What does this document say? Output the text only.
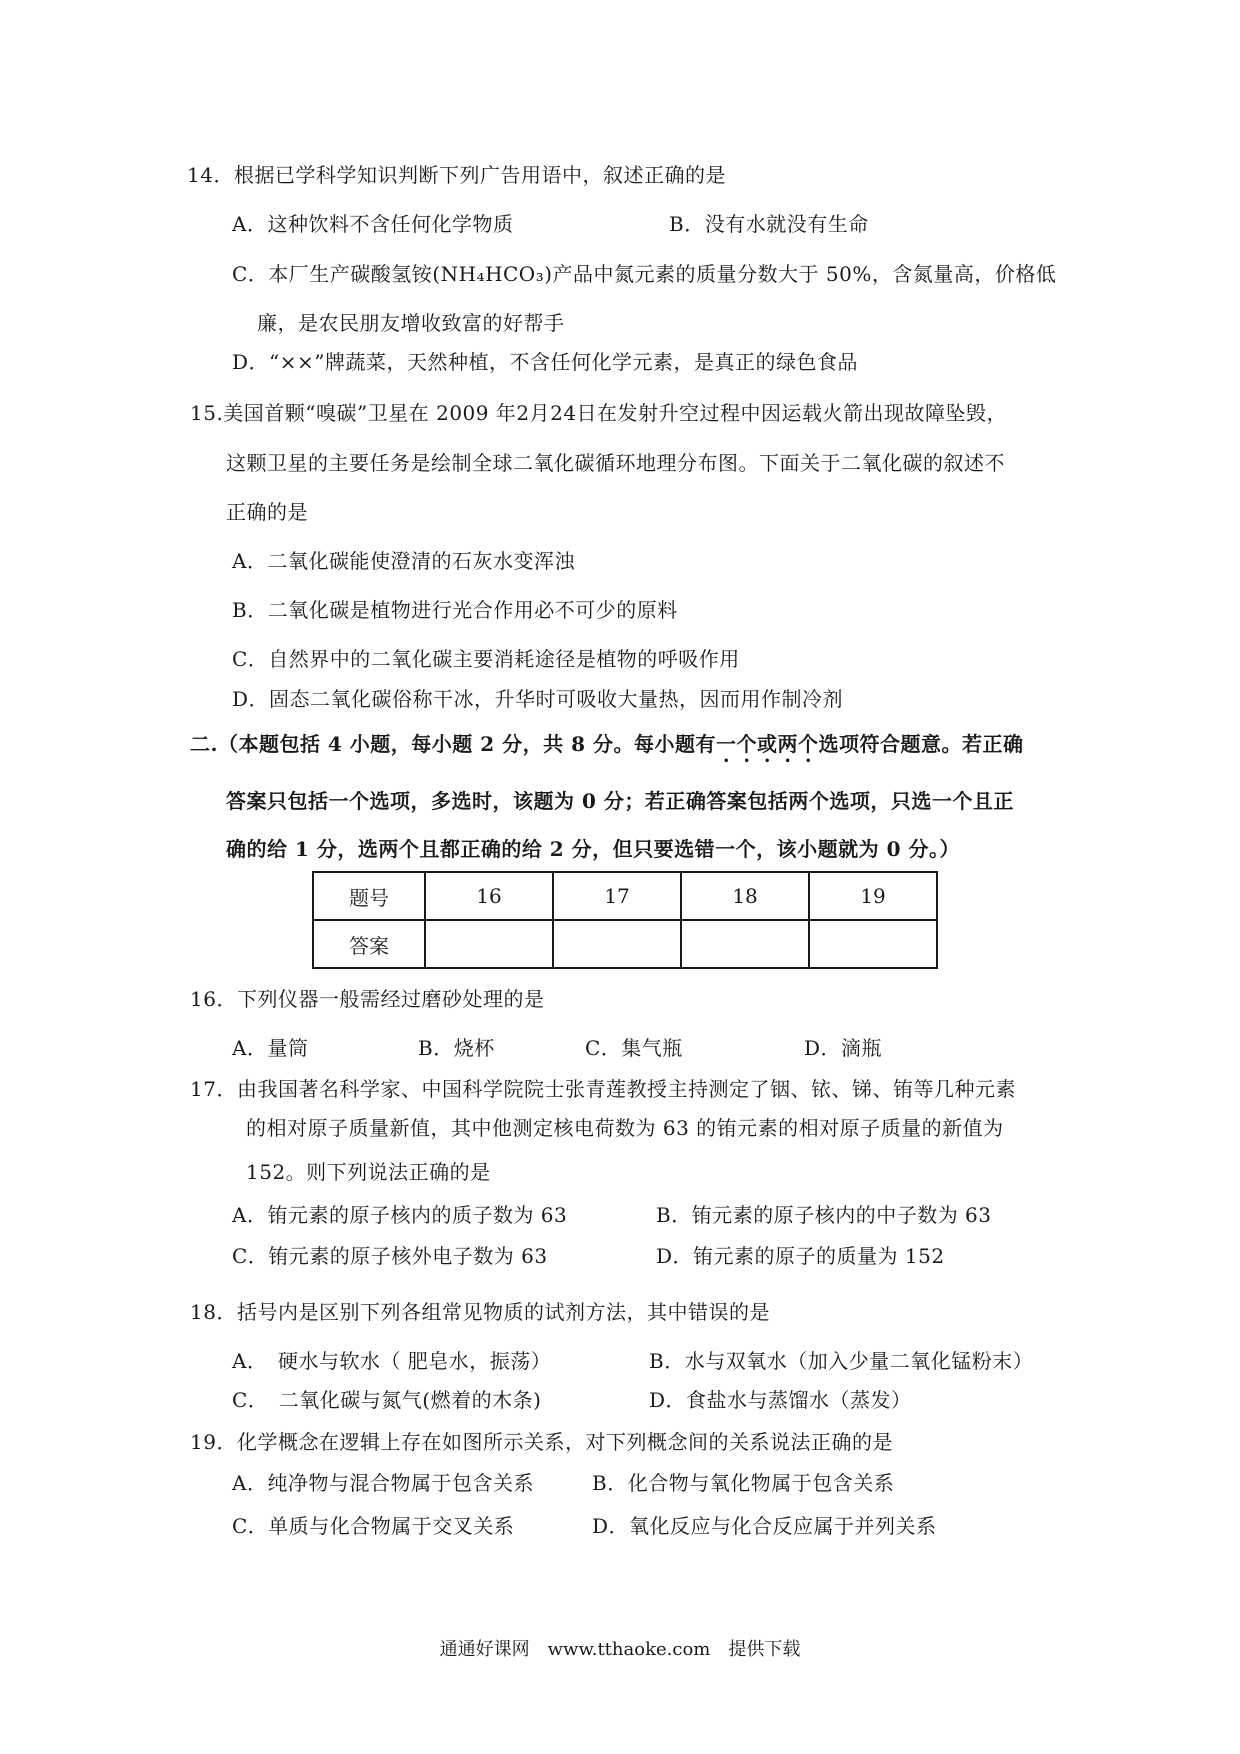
14．根据已学科学知识判断下列广告用语中，叙述正确的是
A．这种饮料不含任何化学物质	B．没有水就没有生命
C．本厂生产碳酸氢铵(NH₄HCO₃)产品中氮元素的质量分数大于 50%，含氮量高，价格低
廉，是农民朋友增收致富的好帮手
D．“××”牌蔬菜，天然种植，不含任何化学元素，是真正的绿色食品
15.美国首颗“嗅碳”卫星在 2009 年2月24日在发射升空过程中因运载火箭出现故障坠毁，
这颗卫星的主要任务是绘制全球二氧化碳循环地理分布图。下面关于二氧化碳的叙述不
正确的是
A．二氧化碳能使澄清的石灰水变浑浊
B．二氧化碳是植物进行光合作用必不可少的原料
C．自然界中的二氧化碳主要消耗途径是植物的呼吸作用
D．固态二氧化碳俗称干冰，升华时可吸收大量热，因而用作制冷剂
二.（本题包括 4 小题，每小题 2 分，共 8 分。每小题有一个或两个选项符合题意。若正确
答案只包括一个选项，多选时，该题为 0 分；若正确答案包括两个选项，只选一个且正
确的给 1 分，选两个且都正确的给 2 分，但只要选错一个，该小题就为 0 分。）
题号	16	17	18	19
答案				
16．下列仪器一般需经过磨砂处理的是
A．量筒	B．烧杯	C．集气瓶	D．滴瓶
17．由我国著名科学家、中国科学院院士张青莲教授主持测定了铟、铱、锑、铕等几种元素
的相对原子质量新值，其中他测定核电荷数为 63 的铕元素的相对原子质量的新值为
152。则下列说法正确的是
A．铕元素的原子核内的质子数为 63	B．铕元素的原子核内的中子数为 63
C．铕元素的原子核外电子数为 63	D．铕元素的原子的质量为 152
18．括号内是区别下列各组常见物质的试剂方法，其中错误的是
A．　硬水与软水（ 肥皂水，振荡）	B．水与双氧水（加入少量二氧化锰粉末）
C．　二氧化碳与氮气(燃着的木条)	D．食盐水与蒸馏水（蒸发）
19．化学概念在逻辑上存在如图所示关系，对下列概念间的关系说法正确的是
A．纯净物与混合物属于包含关系	B．化合物与氧化物属于包含关系
C．单质与化合物属于交叉关系	D．氧化反应与化合反应属于并列关系
通通好课网　www.tthaoke.com　提供下载
